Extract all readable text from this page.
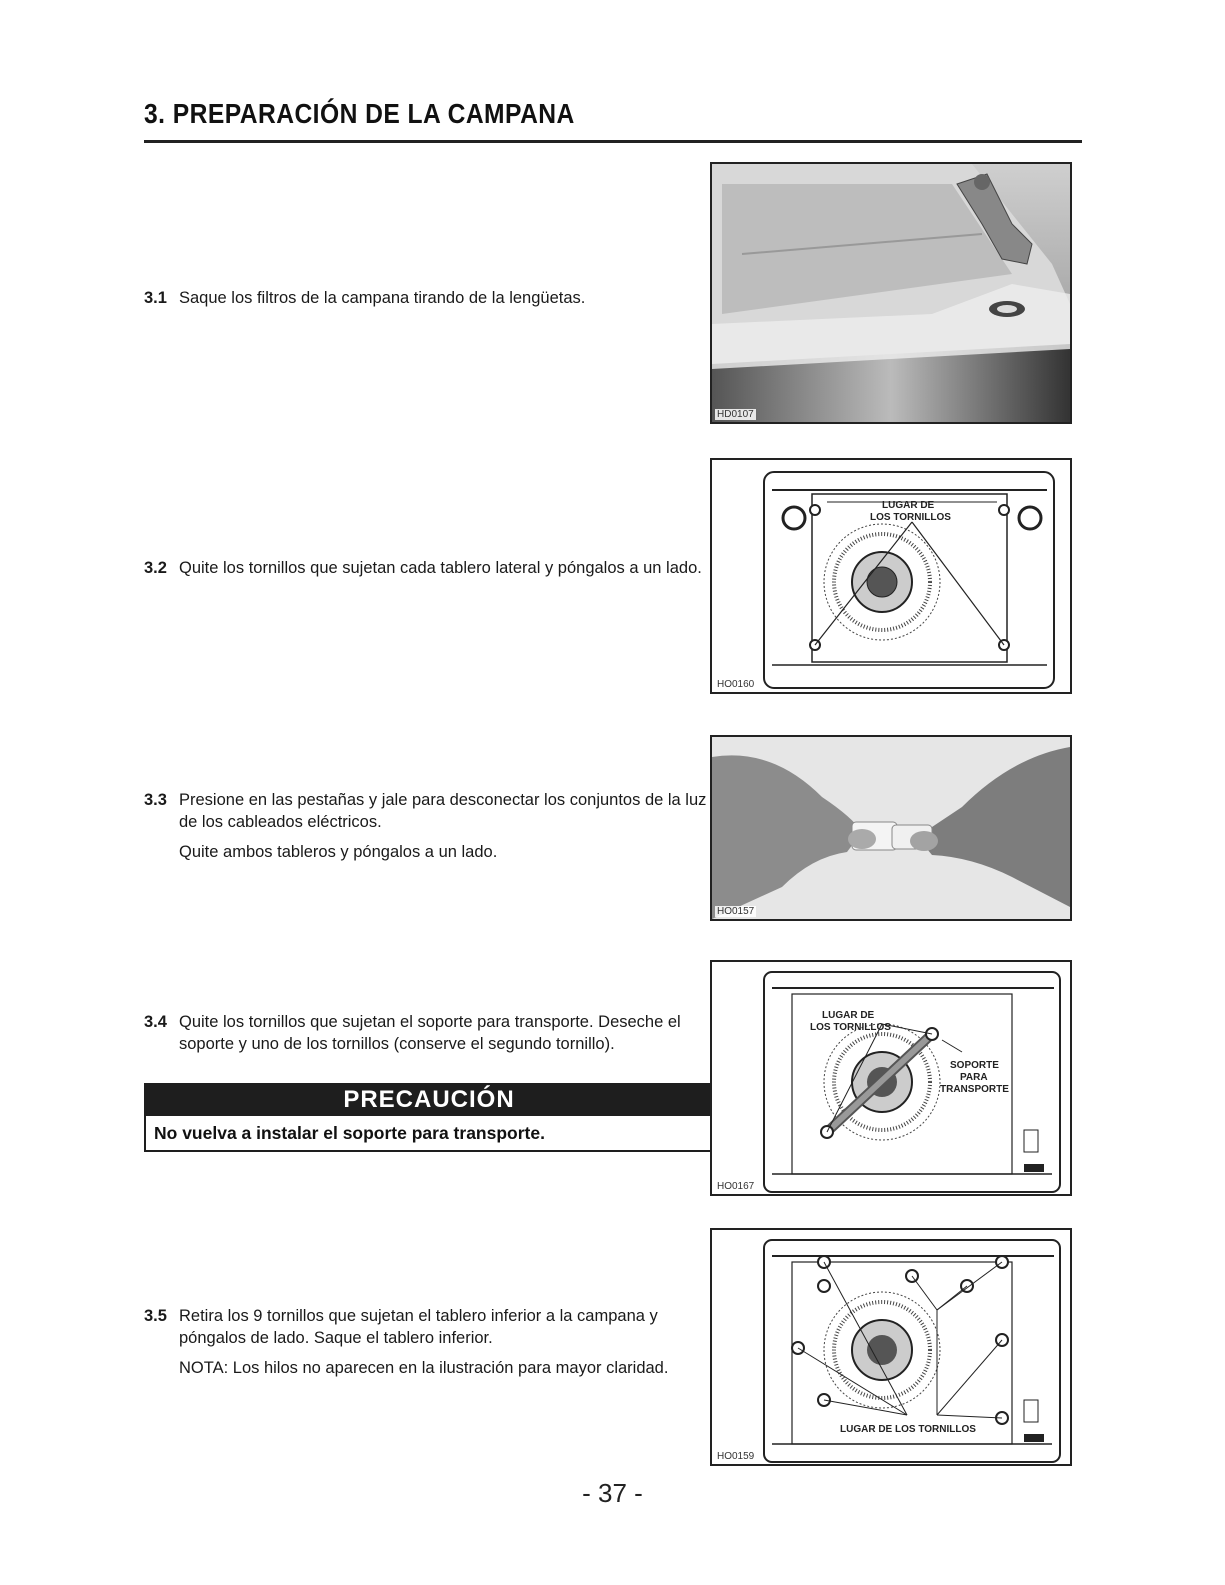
3. PREPARACIÓN DE LA CAMPANA
3.1 Saque los filtros de la campana tirando de la lengüetas.

3.2 Quite los tornillos que sujetan cada tablero lateral y póngalos a un lado.

3.3 Presione en las pestañas y jale para desconectar los conjuntos de la luz de los cableados eléctricos.

Quite ambos tableros y póngalos a un lado.

3.4 Quite los tornillos que sujetan el soporte para transporte. Deseche el soporte y uno de los tornillos (conserve el segundo tornillo).

PRECAUCIÓN
No vuelva a instalar el soporte para transporte.
3.5 Retira los 9 tornillos que sujetan el tablero inferior a la campana y póngalos de lado. Saque el tablero inferior.

NOTA: Los hilos no aparecen en la ilustración para mayor claridad.

HD0107
LUGAR DE
LOS TORNILLOS
HO0160
HO0157
LUGAR DE
LOS TORNILLOS
SOPORTE
PARA
TRANSPORTE
HO0167
LUGAR DE LOS TORNILLOS
HO0159
- 37 -
